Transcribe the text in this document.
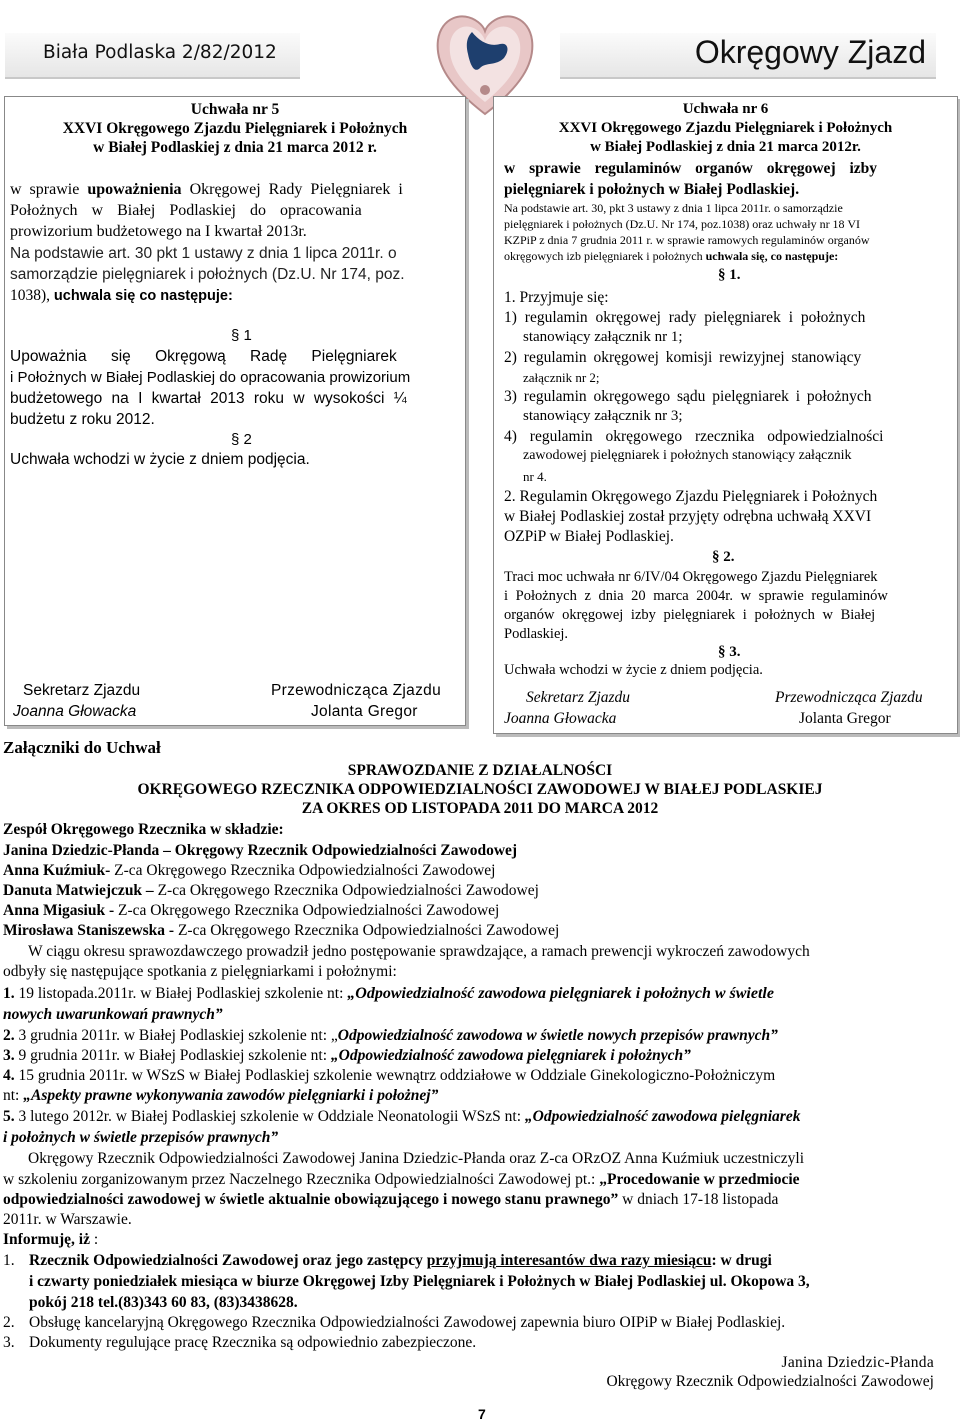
Biała Podlaska 2/82/2012	Okręgowy Zjazd
Uchwała nr 5
XXVI Okręgowego Zjazdu Pielęgniarek i Położnych
w Białej Podlaskiej z dnia 21 marca 2012 r.
w sprawie upoważnienia Okręgowej Rady Pielęgniarek i
Położnych w Białej Podlaskiej do opracowania
prowizorium budżetowego na I kwartał 2013r.
Na podstawie art. 30 pkt 1 ustawy z dnia 1 lipca 2011r. o
samorządzie pielęgniarek i położnych (Dz.U. Nr 174, poz.
1038), uchwala się co następuje:
§ 1
Upoważnia się Okręgową Radę Pielęgniarek
i Położnych w Białej Podlaskiej do opracowania prowizorium
budżetowego na I kwartał 2013 roku w wysokości ¼
budżetu z roku 2012.
§ 2
Uchwała wchodzi w życie z dniem podjęcia.
Sekretarz Zjazdu
Joanna Głowacka
Przewodnicząca Zjazdu
Jolanta Gregor
Uchwała nr 6
XXVI Okręgowego Zjazdu Pielęgniarek i Położnych
w Białej Podlaskiej z dnia 21 marca 2012r.
w sprawie regulaminów organów okręgowej izby
pielęgniarek i położnych w Białej Podlaskiej.
Na podstawie art. 30, pkt 3 ustawy z dnia 1 lipca 2011r. o samorządzie
pielęgniarek i położnych (Dz.U. Nr 174, poz.1038) oraz uchwały nr 18 VI
KZPiP z dnia 7 grudnia 2011 r. w sprawie ramowych regulaminów organów
okręgowych izb pielęgniarek i położnych uchwala się, co następuje:
§ 1.
1. Przyjmuje się:
1) regulamin okręgowej rady pielęgniarek i położnych
stanowiący załącznik nr 1;
2) regulamin okręgowej komisji rewizyjnej stanowiący
załącznik nr 2;
3) regulamin okręgowego sądu pielęgniarek i położnych
stanowiący załącznik nr 3;
4) regulamin okręgowego rzecznika odpowiedzialności
zawodowej pielęgniarek i położnych stanowiący załącznik
nr 4.
2. Regulamin Okręgowego Zjazdu Pielęgniarek i Położnych
w Białej Podlaskiej został przyjęty odrębna uchwałą XXVI
OZPiP w Białej Podlaskiej.
§ 2.
Traci moc uchwała nr 6/IV/04 Okręgowego Zjazdu Pielęgniarek
i Położnych z dnia 20 marca 2004r. w sprawie regulaminów
organów okręgowej izby pielęgniarek i położnych w Białej
Podlaskiej.
§ 3.
Uchwała wchodzi w życie z dniem podjęcia.
Sekretarz Zjazdu
Joanna Głowacka
Przewodnicząca Zjazdu
Jolanta Gregor
Załączniki do Uchwał
SPRAWOZDANIE Z DZIAŁALNOŚCI
OKRĘGOWEGO RZECZNIKA ODPOWIEDZIALNOŚCI ZAWODOWEJ W BIAŁEJ PODLASKIEJ
ZA OKRES OD LISTOPADA 2011 DO MARCA 2012
Zespół Okręgowego Rzecznika w składzie:
Janina Dziedzic-Płanda – Okręgowy Rzecznik Odpowiedzialności Zawodowej
Anna Kuźmiuk- Z-ca Okręgowego Rzecznika Odpowiedzialności Zawodowej
Danuta Matwiejczuk – Z-ca Okręgowego Rzecznika Odpowiedzialności Zawodowej
Anna Migasiuk - Z-ca Okręgowego Rzecznika Odpowiedzialności Zawodowej
Mirosława Staniszewska - Z-ca Okręgowego Rzecznika Odpowiedzialności Zawodowej
W ciągu okresu sprawozdawczego prowadził jedno postępowanie sprawdzające, a ramach prewencji wykroczeń zawodowych
odbyły się następujące spotkania z pielęgniarkami i położnymi:
1. 19 listopada.2011r. w Białej Podlaskiej szkolenie nt: „Odpowiedzialność zawodowa pielęgniarek i położnych w świetle
nowych uwarunkowań prawnych”
2. 3 grudnia 2011r. w Białej Podlaskiej szkolenie nt: „Odpowiedzialność zawodowa w świetle nowych przepisów prawnych”
3. 9 grudnia 2011r. w Białej Podlaskiej szkolenie nt: „Odpowiedzialność zawodowa pielęgniarek i położnych”
4. 15 grudnia 2011r. w WSzS w Białej Podlaskiej szkolenie wewnątrz oddziałowe w Oddziale Ginekologiczno-Położniczym
nt: „Aspekty prawne wykonywania zawodów pielęgniarki i położnej”
5. 3 lutego 2012r. w Białej Podlaskiej szkolenie w Oddziale Neonatologii WSzS nt: „Odpowiedzialność zawodowa pielęgniarek
i położnych w świetle przepisów prawnych”
Okręgowy Rzecznik Odpowiedzialności Zawodowej Janina Dziedzic-Płanda oraz Z-ca ORzOZ Anna Kuźmiuk uczestniczyli
w szkoleniu zorganizowanym przez Naczelnego Rzecznika Odpowiedzialności Zawodowej pt.: „Procedowanie w przedmiocie
odpowiedzialności zawodowej w świetle aktualnie obowiązującego i nowego stanu prawnego” w dniach 17-18 listopada
2011r. w Warszawie.
Informuję, iż :
1. Rzecznik Odpowiedzialności Zawodowej oraz jego zastępcy przyjmują interesantów dwa razy miesiącu: w drugi
i czwarty poniedziałek miesiąca w biurze Okręgowej Izby Pielęgniarek i Położnych w Białej Podlaskiej ul. Okopowa 3,
pokój 218 tel.(83)343 60 83, (83)3438628.
2. Obsługę kancelaryjną Okręgowego Rzecznika Odpowiedzialności Zawodowej zapewnia biuro OIPiP w Białej Podlaskiej.
3. Dokumenty regulujące pracę Rzecznika są odpowiednio zabezpieczone.
Janina Dziedzic-Płanda
Okręgowy Rzecznik Odpowiedzialności Zawodowej
7
